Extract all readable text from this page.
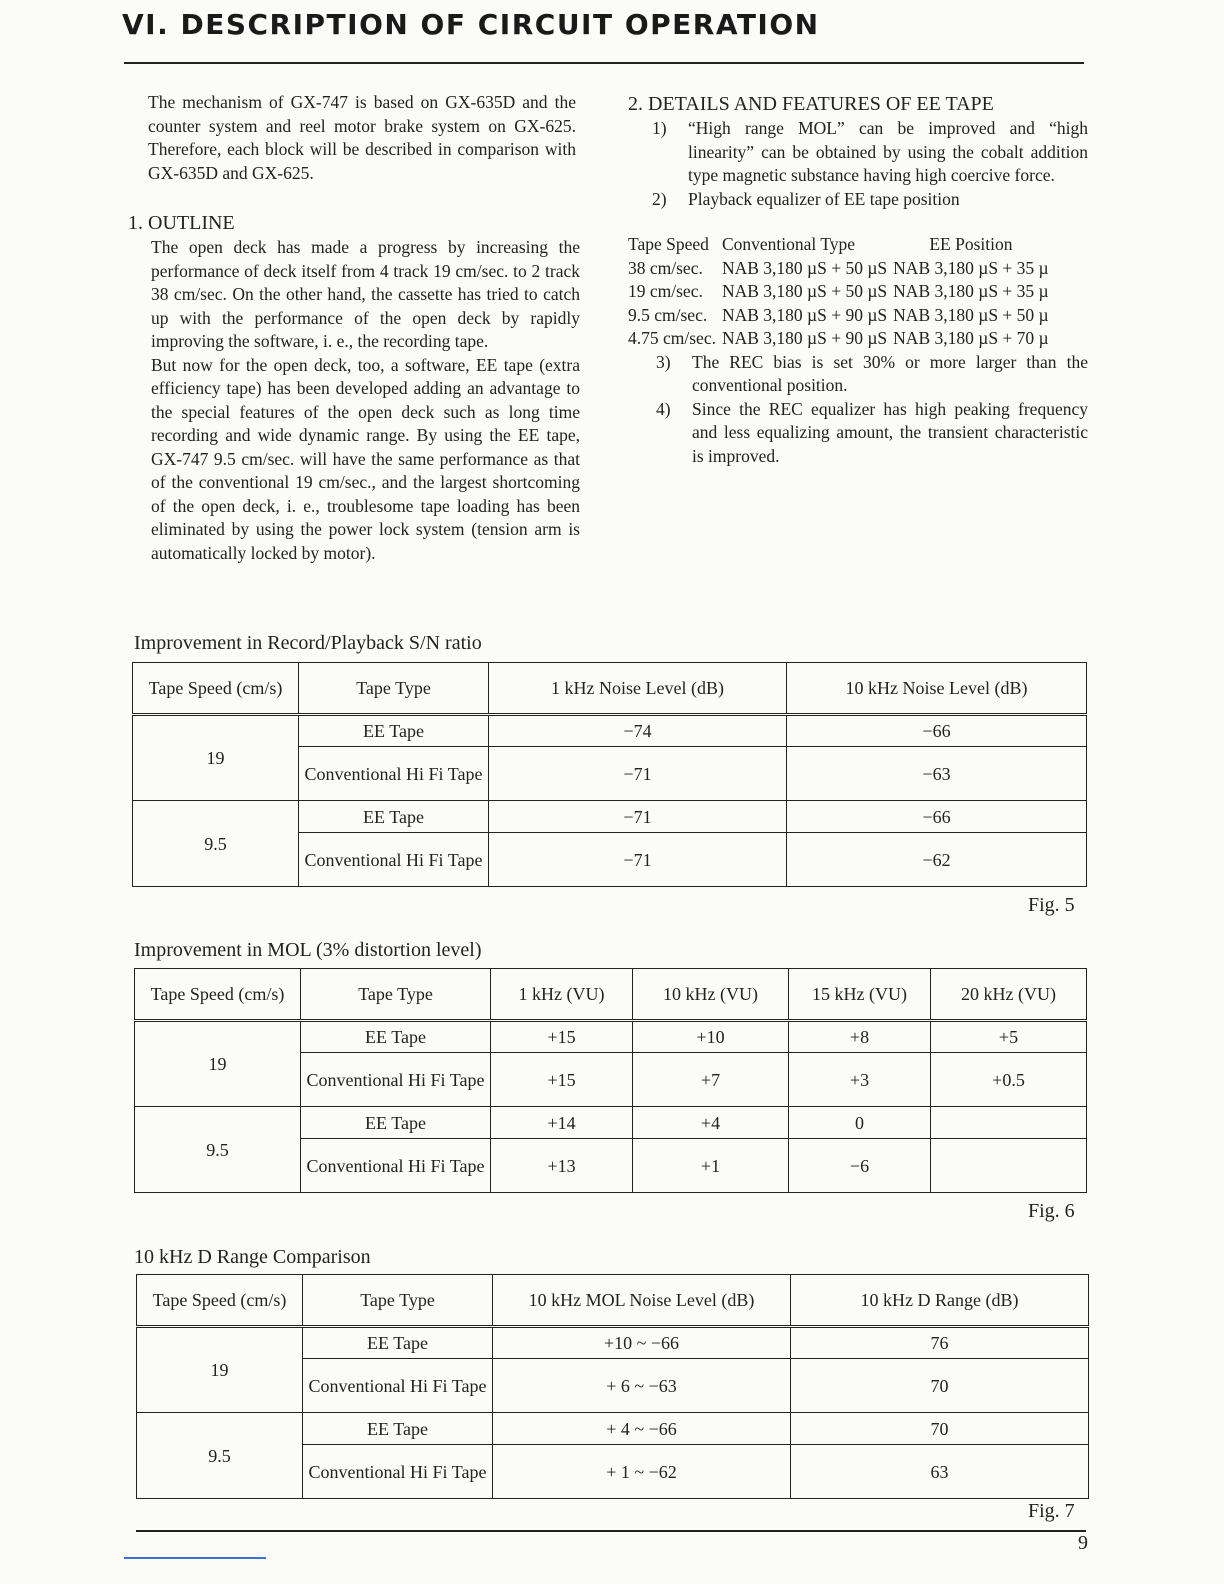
VI. DESCRIPTION OF CIRCUIT OPERATION

The mechanism of GX-747 is based on GX-635D and the counter system and reel motor brake system on GX-625. Therefore, each block will be described in comparison with GX-635D and GX-625.

1. OUTLINE

The open deck has made a progress by increasing the performance of deck itself from 4 track 19 cm/sec. to 2 track 38 cm/sec. On the other hand, the cassette has tried to catch up with the performance of the open deck by rapidly improving the software, i. e., the recording tape.

But now for the open deck, too, a software, EE tape (extra efficiency tape) has been developed adding an advantage to the special features of the open deck such as long time recording and wide dynamic range. By using the EE tape, GX-747 9.5 cm/sec. will have the same performance as that of the conventional 19 cm/sec., and the largest shortcoming of the open deck, i. e., troublesome tape loading has been eliminated by using the power lock system (tension arm is automatically locked by motor).

2. DETAILS AND FEATURES OF EE TAPE
1)	“High range MOL” can be improved and “high linearity” can be obtained by using the cobalt addition type magnetic substance having high coercive force.
2)	Playback equalizer of EE tape position
Tape Speed	Conventional Type	EE Position
38 cm/sec.	NAB 3,180 µS + 50 µS	NAB 3,180 µS + 35 µ
19 cm/sec.	NAB 3,180 µS + 50 µS	NAB 3,180 µS + 35 µ
9.5 cm/sec.	NAB 3,180 µS + 90 µS	NAB 3,180 µS + 50 µ
4.75 cm/sec.	NAB 3,180 µS + 90 µS	NAB 3,180 µS + 70 µ
3)	The REC bias is set 30% or more larger than the conventional position.
4)	Since the REC equalizer has high peaking frequency and less equalizing amount, the transient characteristic is improved.
Improvement in Record/Playback S/N ratio
Tape Speed (cm/s)	Tape Type	1 kHz Noise Level (dB)	10 kHz Noise Level (dB)
19	EE Tape	−74	−66
	Conventional Hi Fi Tape	−71	−63
9.5	EE Tape	−71	−66
	Conventional Hi Fi Tape	−71	−62
Fig. 5
Improvement in MOL (3% distortion level)
Tape Speed (cm/s)	Tape Type	1 kHz (VU)	10 kHz (VU)	15 kHz (VU)	20 kHz (VU)
19	EE Tape	+15	+10	+8	+5
	Conventional Hi Fi Tape	+15	+7	+3	+0.5
9.5	EE Tape	+14	+4	0	
	Conventional Hi Fi Tape	+13	+1	−6	
Fig. 6
10 kHz D Range Comparison
Tape Speed (cm/s)	Tape Type	10 kHz MOL Noise Level (dB)	10 kHz D Range (dB)
19	EE Tape	+10 ~ −66	76
	Conventional Hi Fi Tape	+ 6 ~ −63	70
9.5	EE Tape	+ 4 ~ −66	70
	Conventional Hi Fi Tape	+ 1 ~ −62	63
Fig. 7
9
